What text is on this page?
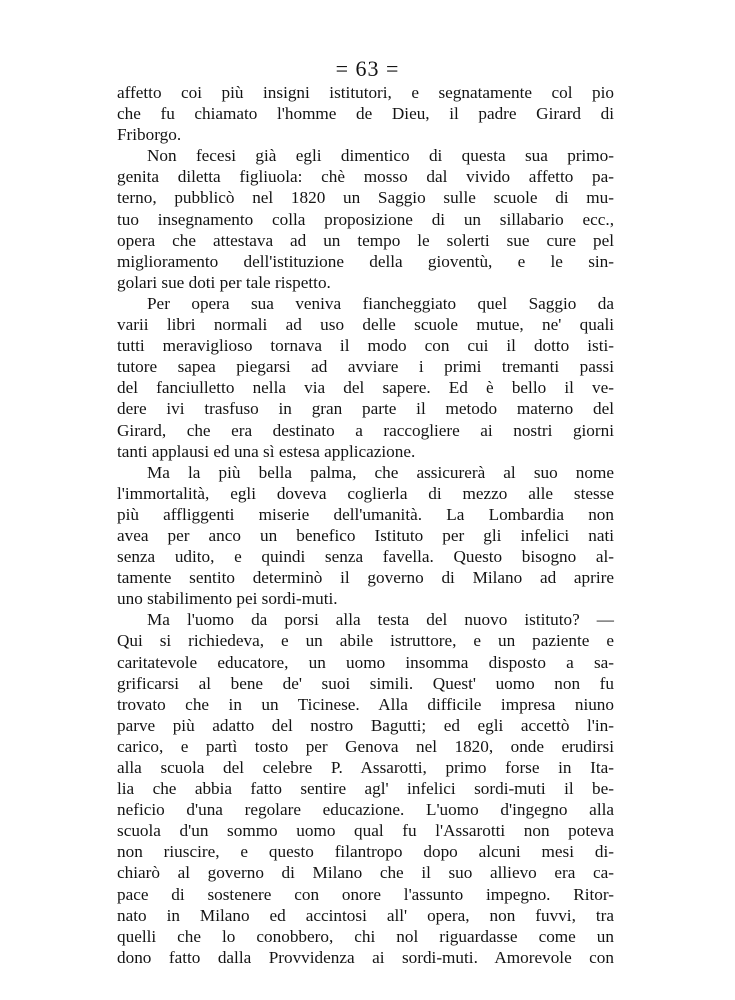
= 63 =
affetto coi più insigni istitutori, e segnatamente col pio
che fu chiamato l'homme de Dieu, il padre Girard di
Friborgo.
Non fecesi già egli dimentico di questa sua primo-
genita diletta figliuola: chè mosso dal vivido affetto pa-
terno, pubblicò nel 1820 un Saggio sulle scuole di mu-
tuo insegnamento colla proposizione di un sillabario ecc.,
opera che attestava ad un tempo le solerti sue cure pel
miglioramento dell'istituzione della gioventù, e le sin-
golari sue doti per tale rispetto.
Per opera sua veniva fiancheggiato quel Saggio da
varii libri normali ad uso delle scuole mutue, ne' quali
tutti meraviglioso tornava il modo con cui il dotto isti-
tutore sapea piegarsi ad avviare i primi tremanti passi
del fanciulletto nella via del sapere. Ed è bello il ve-
dere ivi trasfuso in gran parte il metodo materno del
Girard, che era destinato a raccogliere ai nostri giorni
tanti applausi ed una sì estesa applicazione.
Ma la più bella palma, che assicurerà al suo nome
l'immortalità, egli doveva coglierla di mezzo alle stesse
più affliggenti miserie dell'umanità. La Lombardia non
avea per anco un benefico Istituto per gli infelici nati
senza udito, e quindi senza favella. Questo bisogno al-
tamente sentito determinò il governo di Milano ad aprire
uno stabilimento pei sordi-muti.
Ma l'uomo da porsi alla testa del nuovo istituto? —
Qui si richiedeva, e un abile istruttore, e un paziente e
caritatevole educatore, un uomo insomma disposto a sa-
grificarsi al bene de' suoi simili. Quest' uomo non fu
trovato che in un Ticinese. Alla difficile impresa niuno
parve più adatto del nostro Bagutti; ed egli accettò l'in-
carico, e partì tosto per Genova nel 1820, onde erudirsi
alla scuola del celebre P. Assarotti, primo forse in Ita-
lia che abbia fatto sentire agl' infelici sordi-muti il be-
neficio d'una regolare educazione. L'uomo d'ingegno alla
scuola d'un sommo uomo qual fu l'Assarotti non poteva
non riuscire, e questo filantropo dopo alcuni mesi di-
chiarò al governo di Milano che il suo allievo era ca-
pace di sostenere con onore l'assunto impegno. Ritor-
nato in Milano ed accintosi all' opera, non fuvvi, tra
quelli che lo conobbero, chi nol riguardasse come un
dono fatto dalla Provvidenza ai sordi-muti. Amorevole con
